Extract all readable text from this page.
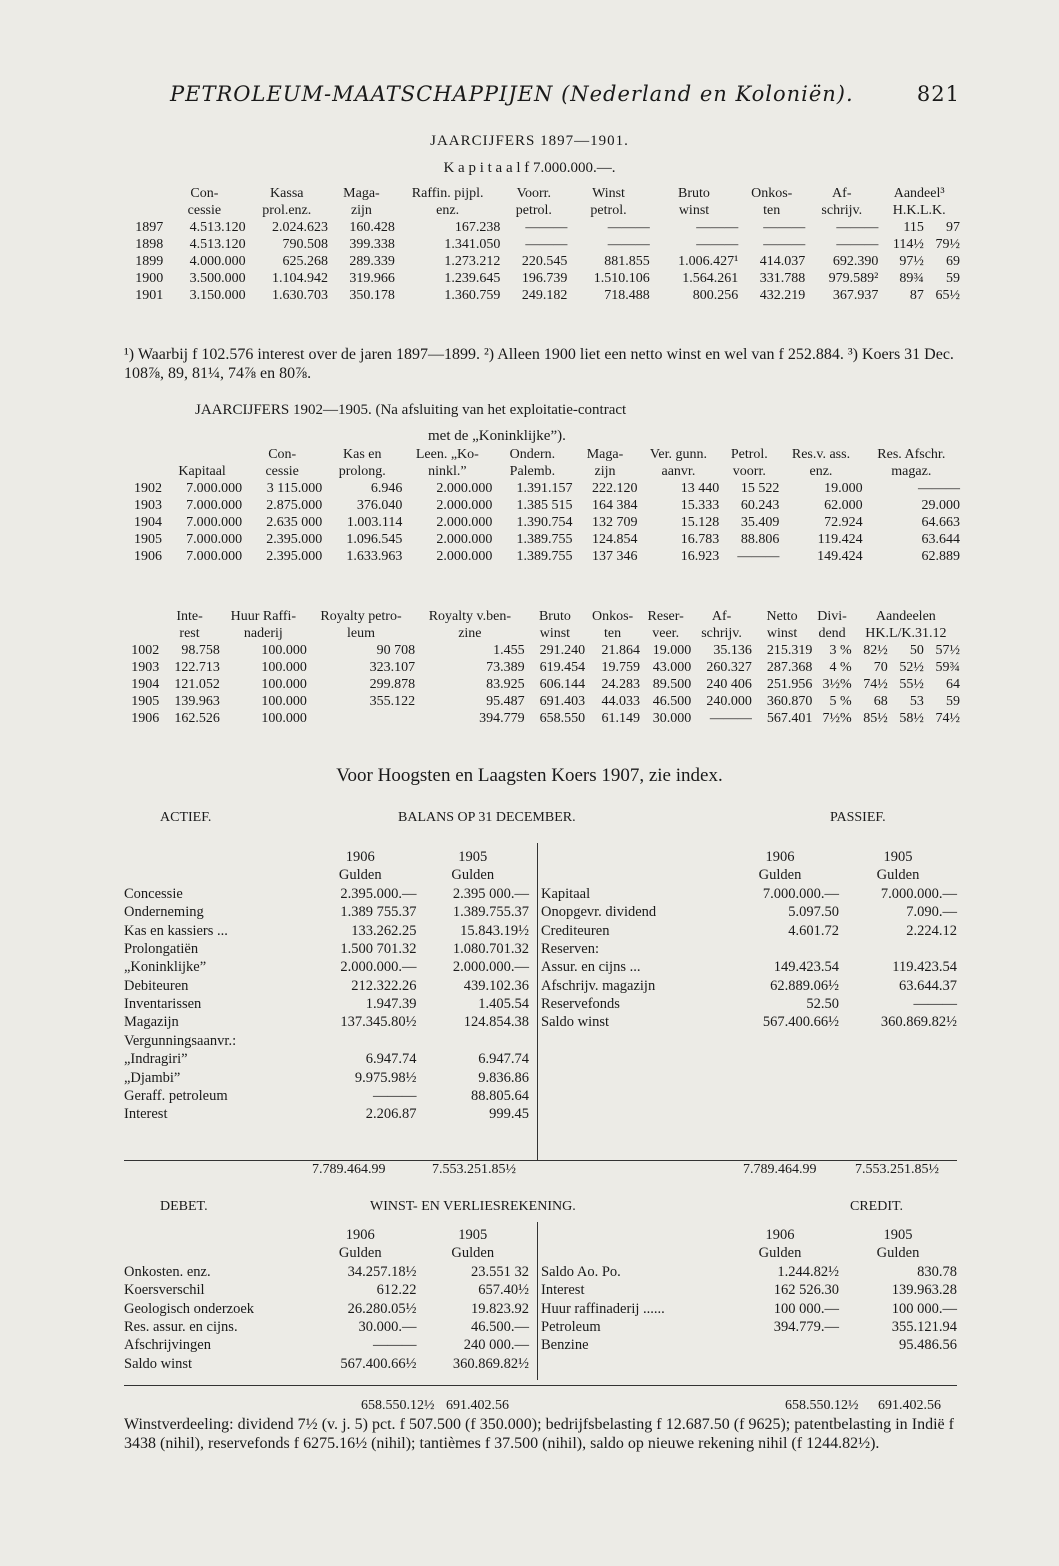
PETROLEUM-MAATSCHAPPIJEN (Nederland en Koloniën).	821
JAARCIJFERS 1897—1901.
K a p i t a a l f 7.000.000.—.
	Con-	Kassa	Maga-	Raffin. pijpl.	Voorr.	Winst	Bruto	Onkos-	Af-	Aandeel³	
	cessie	prol.enz.	zijn	enz.	petrol.	petrol.	winst	ten	schrijv.	H.K.L.K.	
1897	4.513.120	2.024.623	160.428	167.238	———	———	———	———	———	115	97
1898	4.513.120	790.508	399.338	1.341.050	———	———	———	———	———	114½	79½
1899	4.000.000	625.268	289.339	1.273.212	220.545	881.855	1.006.427¹	414.037	692.390	97½	69
1900	3.500.000	1.104.942	319.966	1.239.645	196.739	1.510.106	1.564.261	331.788	979.589²	89¾	59
1901	3.150.000	1.630.703	350.178	1.360.759	249.182	718.488	800.256	432.219	367.937	87	65½
¹) Waarbij f 102.576 interest over de jaren 1897—1899. ²) Alleen 1900 liet een netto winst en wel van f 252.884. ³) Koers 31 Dec. 108⅞, 89, 81¼, 74⅞ en 80⅞.
JAARCIJFERS 1902—1905. (Na afsluiting van het exploitatie-contract
met de „Koninklijke”).
		Con-	Kas en	Leen. „Ko-	Ondern.	Maga-	Ver. gunn.	Petrol.	Res.v. ass.	Res. Afschr.
	Kapitaal	cessie	prolong.	ninkl.”	Palemb.	zijn	aanvr.	voorr.	enz.	magaz.
1902	7.000.000	3 115.000	6.946	2.000.000	1.391.157	222.120	13 440	15 522	19.000	———
1903	7.000.000	2.875.000	376.040	2.000.000	1.385 515	164 384	15.333	60.243	62.000	29.000
1904	7.000.000	2.635 000	1.003.114	2.000.000	1.390.754	132 709	15.128	35.409	72.924	64.663
1905	7.000.000	2.395.000	1.096.545	2.000.000	1.389.755	124.854	16.783	88.806	119.424	63.644
1906	7.000.000	2.395.000	1.633.963	2.000.000	1.389.755	137 346	16.923	———	149.424	62.889
	Inte-	Huur Raffi-	Royalty petro-	Royalty v.ben-	Bruto	Onkos-	Reser-	Af-	Netto	Divi-	Aandeelen		
	rest	naderij	leum	zine	winst	ten	veer.	schrijv.	winst	dend	HK.L/K.31.12		
1002	98.758	100.000	90 708	1.455	291.240	21.864	19.000	35.136	215.319	3 %	82½	50	57½
1903	122.713	100.000	323.107	73.389	619.454	19.759	43.000	260.327	287.368	4 %	70	52½	59¾
1904	121.052	100.000	299.878	83.925	606.144	24.283	89.500	240 406	251.956	3½%	74½	55½	64
1905	139.963	100.000	355.122	95.487	691.403	44.033	46.500	240.000	360.870	5 %	68	53	59
1906	162.526	100.000		394.779	658.550	61.149	30.000	———	567.401	7½%	85½	58½	74½
Voor Hoogsten en Laagsten Koers 1907, zie index.
ACTIEF.	BALANS OP 31 DECEMBER.	PASSIEF.
	1906	1905
	Gulden	Gulden
Concessie	2.395.000.—	2.395 000.—
Onderneming	1.389 755.37	1.389.755.37
Kas en kassiers ...	133.262.25	15.843.19½
Prolongatiën	1.500 701.32	1.080.701.32
„Koninklijke”	2.000.000.—	2.000.000.—
Debiteuren	212.322.26	439.102.36
Inventarissen	1.947.39	1.405.54
Magazijn	137.345.80½	124.854.38
Vergunningsaanvr.:		
„Indragiri”	6.947.74	6.947.74
„Djambi”	9.975.98½	9.836.86
Geraff. petroleum	———	88.805.64
Interest	2.206.87	999.45
	1906	1905
	Gulden	Gulden
Kapitaal	7.000.000.—	7.000.000.—
Onopgevr. dividend	5.097.50	7.090.—
Crediteuren	4.601.72	2.224.12
Reserven:		
Assur. en cijns ...	149.423.54	119.423.54
Afschrijv. magazijn	62.889.06½	63.644.37
Reservefonds	52.50	———
Saldo winst	567.400.66½	360.869.82½
7.789.464.99	7.553.251.85½	7.789.464.99	7.553.251.85½
DEBET.	WINST- EN VERLIESREKENING.	CREDIT.
	1906	1905
	Gulden	Gulden
Onkosten. enz.	34.257.18½	23.551 32
Koersverschil	612.22	657.40½
Geologisch onderzoek	26.280.05½	19.823.92
Res. assur. en cijns.	30.000.—	46.500.—
Afschrijvingen	———	240 000.—
Saldo winst	567.400.66½	360.869.82½
	1906	1905
	Gulden	Gulden
Saldo Ao. Po.	1.244.82½	830.78
Interest	162 526.30	139.963.28
Huur raffinaderij ......	100 000.—	100 000.—
Petroleum	394.779.—	355.121.94
Benzine		95.486.56
658.550.12½ 691.402.56	658.550.12½ 691.402.56
Winstverdeeling: dividend 7½ (v. j. 5) pct. f 507.500 (f 350.000); bedrijfsbelasting f 12.687.50 (f 9625); patentbelasting in Indië f 3438 (nihil), reservefonds f 6275.16½ (nihil); tantièmes f 37.500 (nihil), saldo op nieuwe rekening nihil (f 1244.82½).
